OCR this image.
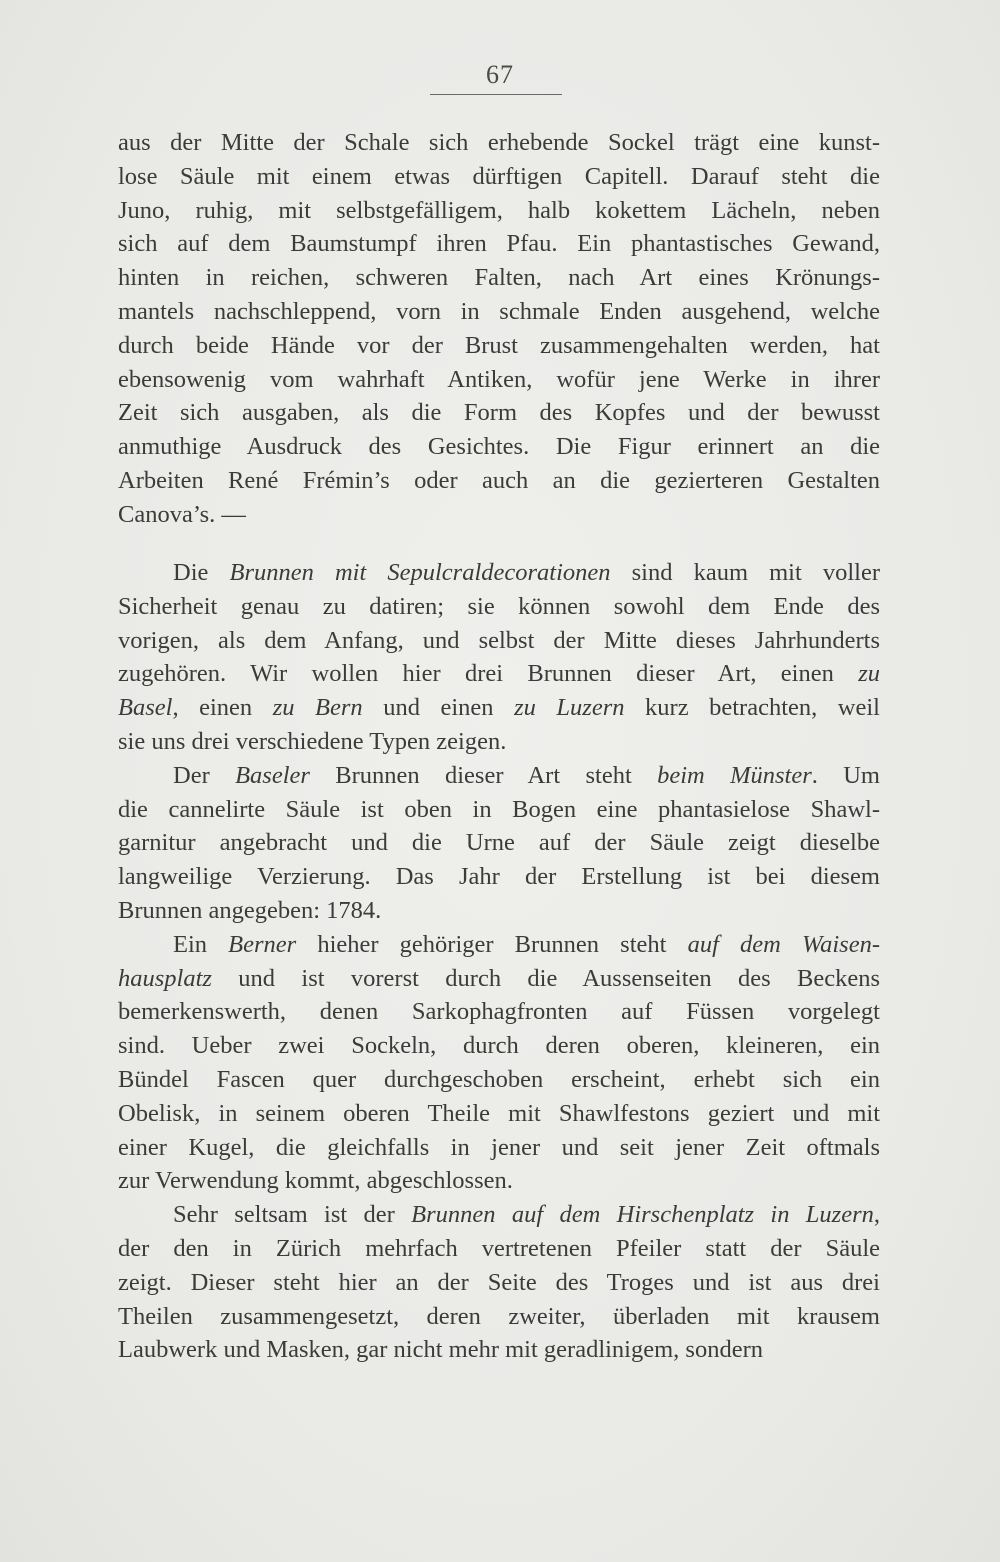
67
aus der Mitte der Schale sich erhebende Sockel trägt eine kunst-
lose Säule mit einem etwas dürftigen Capitell. Darauf steht die
Juno, ruhig, mit selbstgefälligem, halb kokettem Lächeln, neben
sich auf dem Baumstumpf ihren Pfau. Ein phantastisches Gewand,
hinten in reichen, schweren Falten, nach Art eines Krönungs-
mantels nachschleppend, vorn in schmale Enden ausgehend, welche
durch beide Hände vor der Brust zusammengehalten werden, hat
ebensowenig vom wahrhaft Antiken, wofür jene Werke in ihrer
Zeit sich ausgaben, als die Form des Kopfes und der bewusst
anmuthige Ausdruck des Gesichtes. Die Figur erinnert an die
Arbeiten René Frémin’s oder auch an die gezierteren Gestalten
Canova’s. —
Die Brunnen mit Sepulcraldecorationen sind kaum mit voller
Sicherheit genau zu datiren; sie können sowohl dem Ende des
vorigen, als dem Anfang, und selbst der Mitte dieses Jahrhunderts
zugehören. Wir wollen hier drei Brunnen dieser Art, einen zu
Basel, einen zu Bern und einen zu Luzern kurz betrachten, weil
sie uns drei verschiedene Typen zeigen.
Der Baseler Brunnen dieser Art steht beim Münster. Um
die cannelirte Säule ist oben in Bogen eine phantasielose Shawl-
garnitur angebracht und die Urne auf der Säule zeigt dieselbe
langweilige Verzierung. Das Jahr der Erstellung ist bei diesem
Brunnen angegeben: 1784.
Ein Berner hieher gehöriger Brunnen steht auf dem Waisen-
hausplatz und ist vorerst durch die Aussenseiten des Beckens
bemerkenswerth, denen Sarkophagfronten auf Füssen vorgelegt
sind. Ueber zwei Sockeln, durch deren oberen, kleineren, ein
Bündel Fascen quer durchgeschoben erscheint, erhebt sich ein
Obelisk, in seinem oberen Theile mit Shawlfestons geziert und mit
einer Kugel, die gleichfalls in jener und seit jener Zeit oftmals
zur Verwendung kommt, abgeschlossen.
Sehr seltsam ist der Brunnen auf dem Hirschenplatz in Luzern,
der den in Zürich mehrfach vertretenen Pfeiler statt der Säule
zeigt. Dieser steht hier an der Seite des Troges und ist aus drei
Theilen zusammengesetzt, deren zweiter, überladen mit krausem
Laubwerk und Masken, gar nicht mehr mit geradlinigem, sondern
